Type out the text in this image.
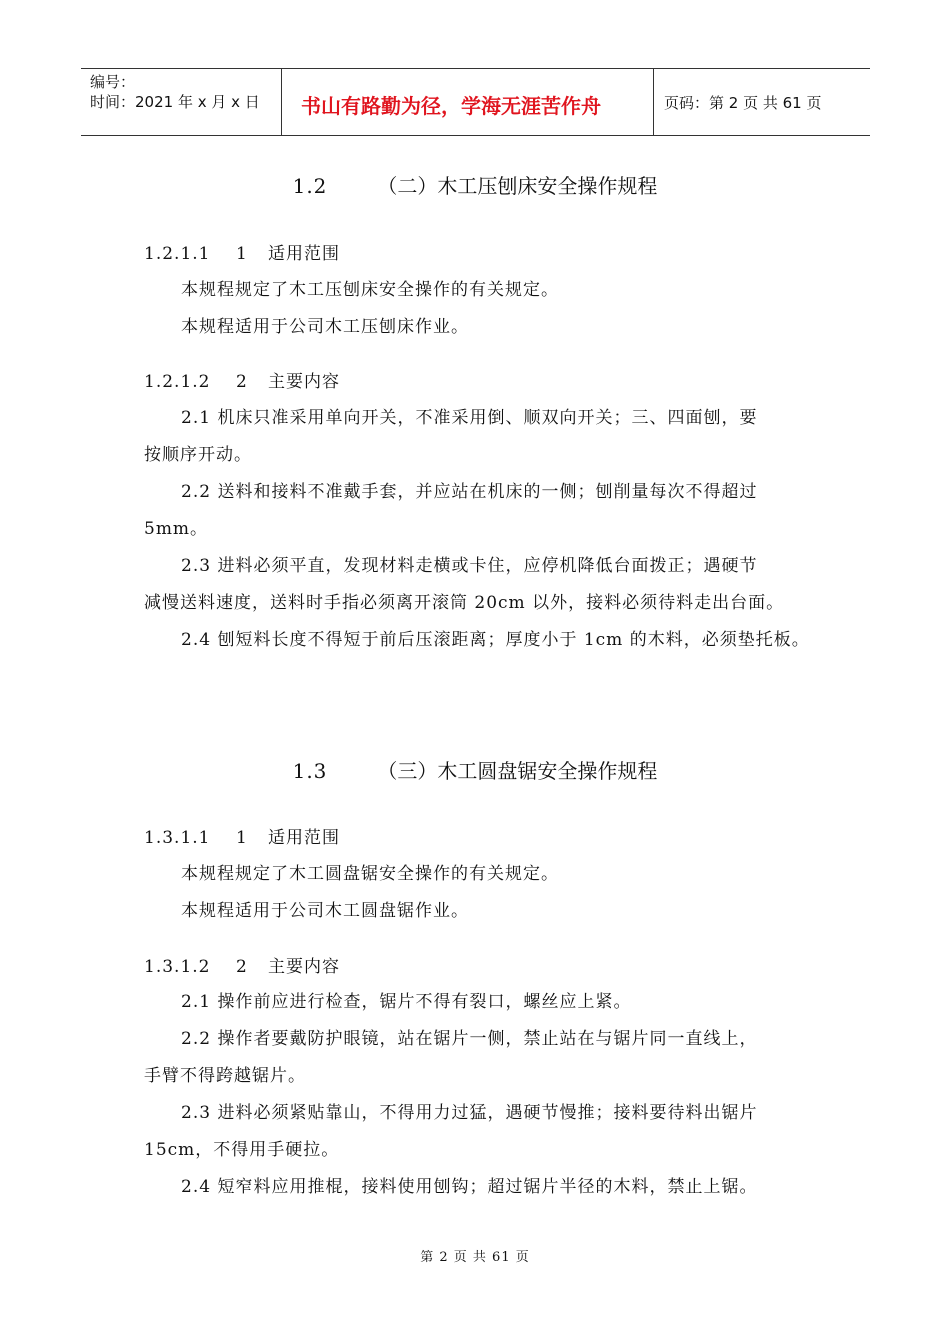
编号：
时间：2021 年 x 月 x 日	书山有路勤为径，学海无涯苦作舟	页码：第 2 页 共 61 页
1.2	（二）木工压刨床安全操作规程
1.2.1.1 1 适用范围
本规程规定了木工压刨床安全操作的有关规定。
本规程适用于公司木工压刨床作业。
1.2.1.2 2 主要内容
2.1 机床只准采用单向开关，不准采用倒、顺双向开关；三、四面刨，要
按顺序开动。
2.2 送料和接料不准戴手套，并应站在机床的一侧；刨削量每次不得超过
5mm。
2.3 进料必须平直，发现材料走横或卡住，应停机降低台面拨正；遇硬节
减慢送料速度，送料时手指必须离开滚筒 20cm 以外，接料必须待料走出台面。
2.4 刨短料长度不得短于前后压滚距离；厚度小于 1cm 的木料，必须垫托板。
1.3	（三）木工圆盘锯安全操作规程
1.3.1.1 1 适用范围
本规程规定了木工圆盘锯安全操作的有关规定。
本规程适用于公司木工圆盘锯作业。
1.3.1.2 2 主要内容
2.1 操作前应进行检查，锯片不得有裂口，螺丝应上紧。
2.2 操作者要戴防护眼镜，站在锯片一侧，禁止站在与锯片同一直线上，
手臂不得跨越锯片。
2.3 进料必须紧贴靠山，不得用力过猛，遇硬节慢推；接料要待料出锯片
15cm，不得用手硬拉。
2.4 短窄料应用推棍，接料使用刨钩；超过锯片半径的木料，禁止上锯。
第 2 页 共 61 页
